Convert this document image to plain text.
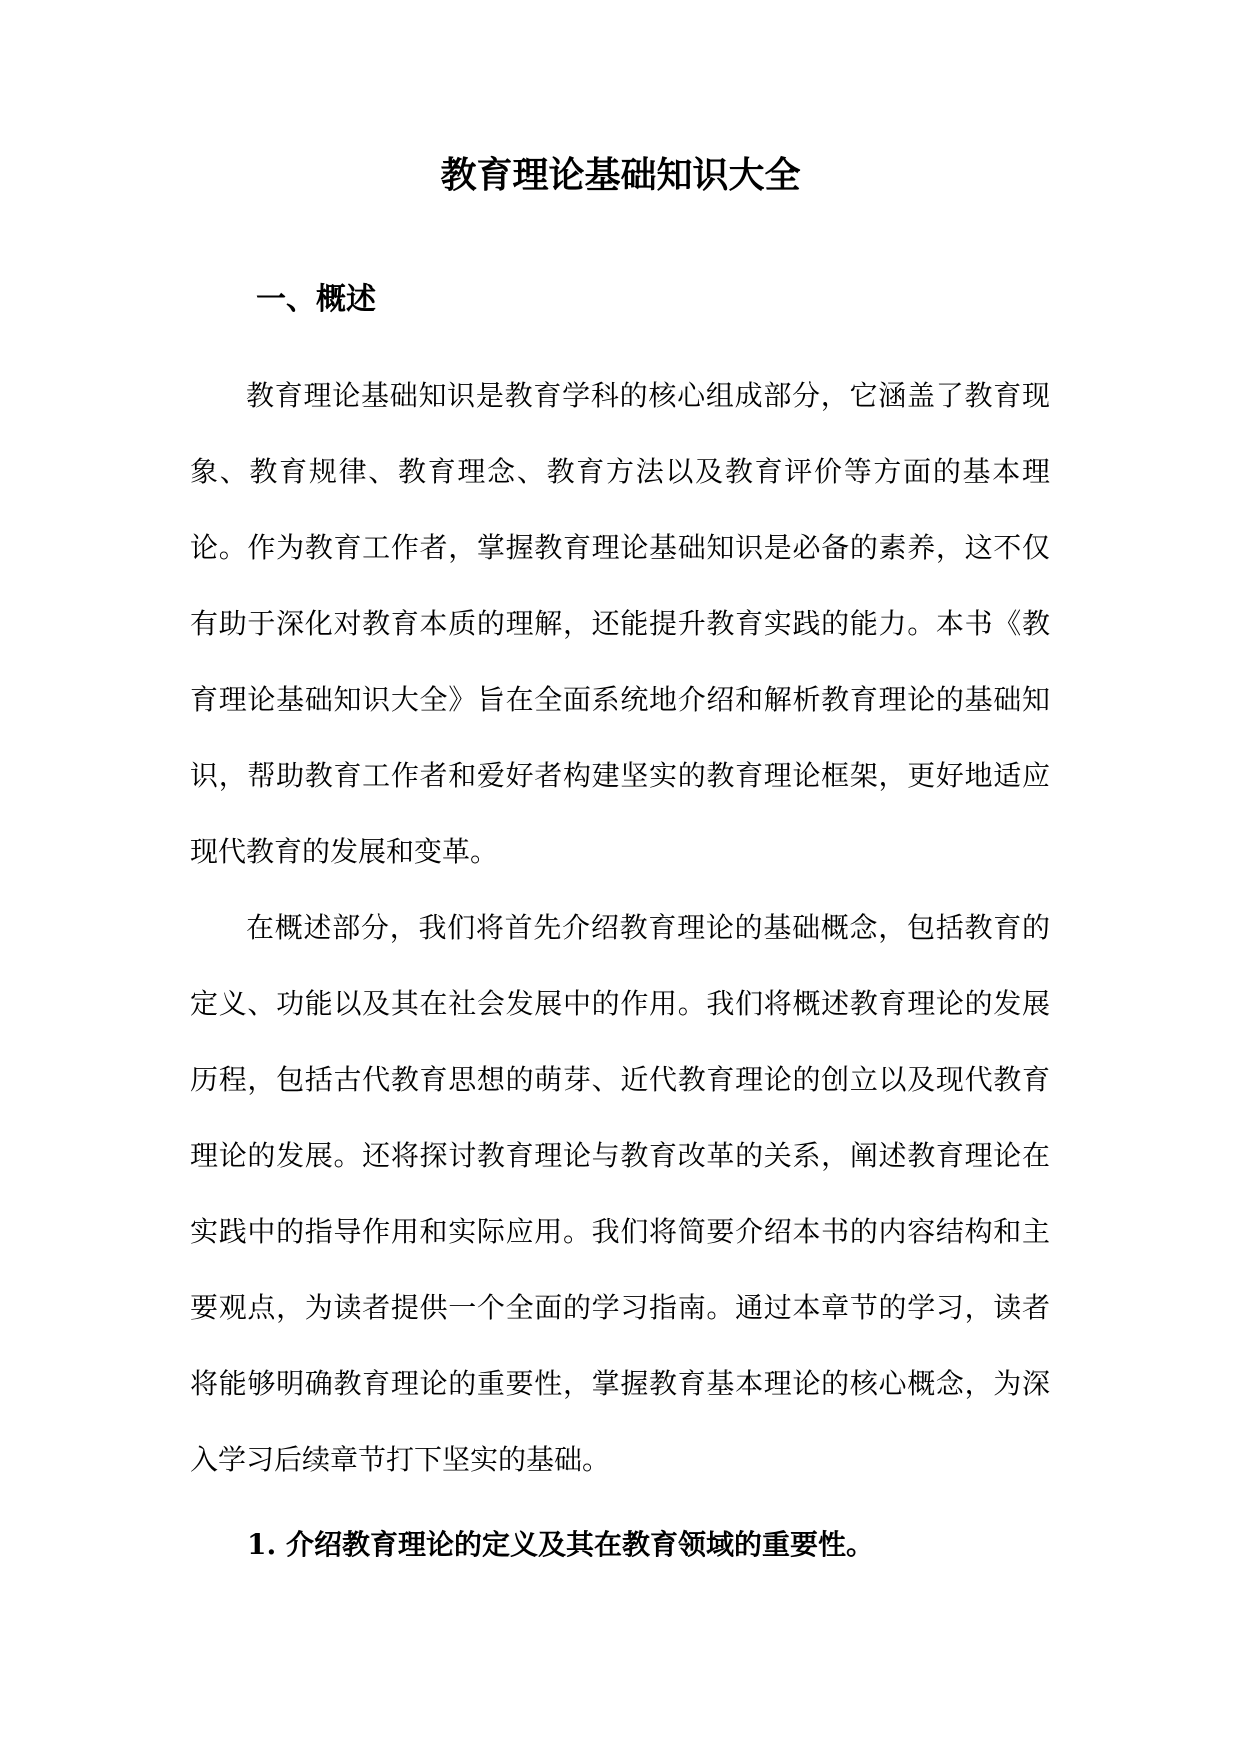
教育理论基础知识大全
一、概述

教育理论基础知识是教育学科的核心组成部分，它涵盖了教育现象、教育规律、教育理念、教育方法以及教育评价等方面的基本理论。作为教育工作者，掌握教育理论基础知识是必备的素养，这不仅有助于深化对教育本质的理解，还能提升教育实践的能力。本书《教育理论基础知识大全》旨在全面系统地介绍和解析教育理论的基础知识，帮助教育工作者和爱好者构建坚实的教育理论框架，更好地适应现代教育的发展和变革。

在概述部分，我们将首先介绍教育理论的基础概念，包括教育的定义、功能以及其在社会发展中的作用。我们将概述教育理论的发展历程，包括古代教育思想的萌芽、近代教育理论的创立以及现代教育理论的发展。还将探讨教育理论与教育改革的关系，阐述教育理论在实践中的指导作用和实际应用。我们将简要介绍本书的内容结构和主要观点，为读者提供一个全面的学习指南。通过本章节的学习，读者将能够明确教育理论的重要性，掌握教育基本理论的核心概念，为深入学习后续章节打下坚实的基础。

1. 介绍教育理论的定义及其在教育领域的重要性。
